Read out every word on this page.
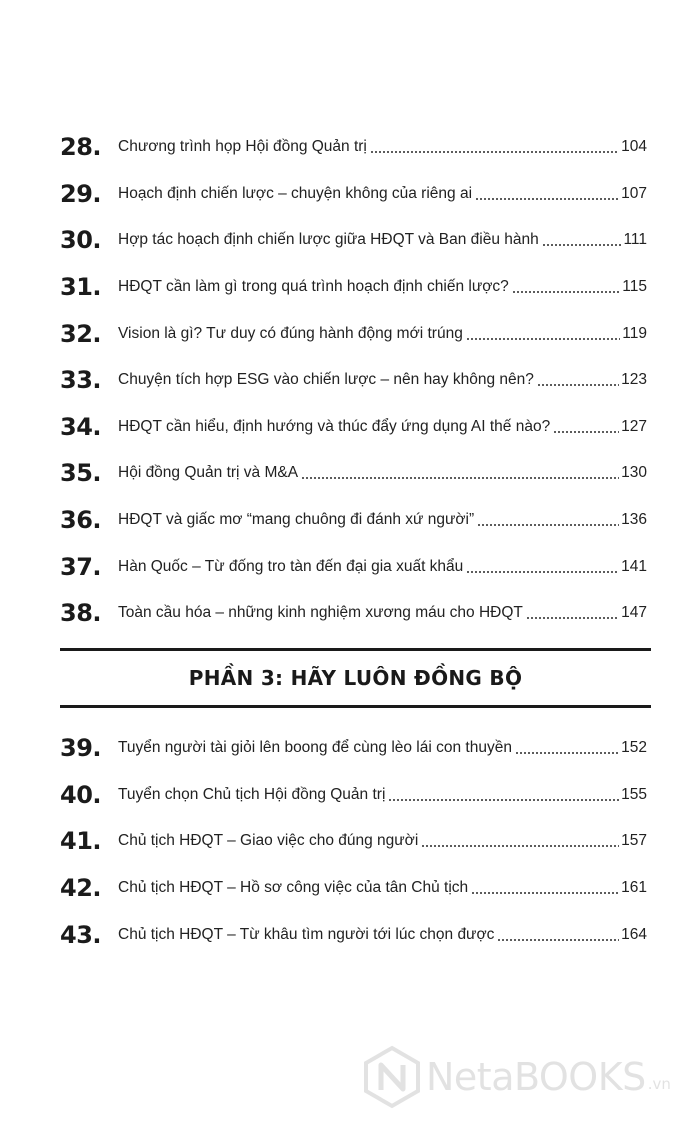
28.	Chương trình họp Hội đồng Quản trị	104
29.	Hoạch định chiến lược – chuyện không của riêng ai	107
30.	Hợp tác hoạch định chiến lược giữa HĐQT và Ban điều hành	111
31.	HĐQT cần làm gì trong quá trình hoạch định chiến lược?	115
32.	Vision là gì? Tư duy có đúng hành động mới trúng	119
33.	Chuyện tích hợp ESG vào chiến lược – nên hay không nên?	123
34.	HĐQT cần hiểu, định hướng và thúc đẩy ứng dụng AI thế nào?	127
35.	Hội đồng Quản trị và M&A	130
36.	HĐQT và giấc mơ “mang chuông đi đánh xứ người”	136
37.	Hàn Quốc – Từ đống tro tàn đến đại gia xuất khẩu	141
38.	Toàn cầu hóa – những kinh nghiệm xương máu cho HĐQT	147
PHẦN 3: HÃY LUÔN ĐỒNG BỘ
39.	Tuyển người tài giỏi lên boong để cùng lèo lái con thuyền	152
40.	Tuyển chọn Chủ tịch Hội đồng Quản trị	155
41.	Chủ tịch HĐQT – Giao việc cho đúng người	157
42.	Chủ tịch HĐQT – Hồ sơ công việc của tân Chủ tịch	161
43.	Chủ tịch HĐQT – Từ khâu tìm người tới lúc chọn được	164
NetaBOOKS .vn
